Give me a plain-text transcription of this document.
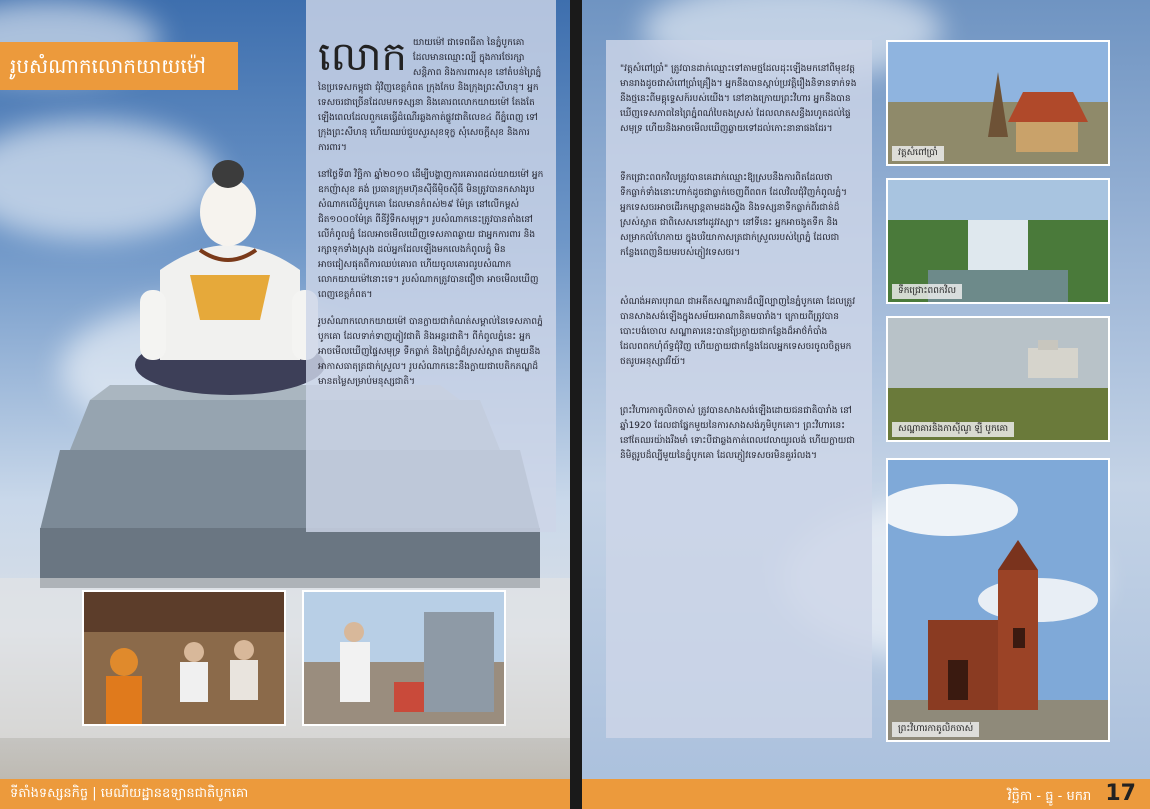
រូបសំណាកលោកយាយម៉ៅ	លោក យាយម៉ៅ ជាទេពធីតា នៃភ្នំបូកគោ ដែលមានឈ្មោះល្បី ក្នុងការថែរក្សាសន្តិភាព និងការពារសុខ នៅតំបន់ព្រៃភ្នំ នៃប្រទេសកម្ពុជា ជុំវិញខេត្តកំពត ក្រុងកែប និងក្រុងព្រះសីហនុ។ អ្នកទេសចរជាច្រើនដែលមកទស្សនា និងគោរពលោកយាយម៉ៅ តែងតែឡើងពេលដែលពួកគេធ្វើដំណើរឆ្លងកាត់ផ្លូវជាតិលេខ៤ ពីភ្នំពេញ ទៅក្រុងព្រះសីហនុ ហើយឈប់ជួបសួរសុខទុក្ខ សុំសេចក្តីសុខ និងការការពារ។

នៅថ្ងៃទី៣ វិច្ឆិកា ឆ្នាំ២០១០ ដើម្បីបង្ហាញការគោរពដល់យាយម៉ៅ អ្នកឧកញ៉ាសុខ គង់ ប្រធានក្រុមហ៊ុនស៊ីធីម៉ិចស៊ីធី មិនត្រូវបានកសាងរូបសំណាកលើភ្នំបូកគោ ដែលមានកំពស់២៩ ម៉ែត្រ នៅលើកម្ពស់ជិត១០០០ម៉ែត្រ ពីនីវ៉ូទឹកសមុទ្រ។ រូបសំណាកនេះត្រូវបានតាំងនៅលើកំពូលភ្នំ ដែលអាចមើលឃើញទេសភាពឆ្ងាយ ជាអ្នកការពារ និងរក្សាទុកទាំងស្រុង ដល់អ្នកដែលឡើងមកលេងកំពូលភ្នំ មិនអាចជៀសផុតពីការឈប់គោរព ហើយចូលគោរពរូបសំណាក លោកយាយម៉ៅនោះទេ។ រូបសំណាកត្រូវបានជឿថា អាចមើលឃើញពេញខេត្តកំពត។

រូបសំណាកលោកយាយម៉ៅ បានក្លាយជាកំណត់សម្គាល់នៃទេសភាពភ្នំបូកគោ ដែលទាក់ទាញភ្ញៀវជាតិ និងអន្តរជាតិ។ ពីកំពូលភ្នំនេះ អ្នកអាចមើលឃើញផ្ទៃសមុទ្រ ទឹកធ្លាក់ និងព្រៃភ្នំដ៏ស្រស់ស្អាត ជាមួយនឹងអាកាសធាតុត្រជាក់ស្រួល។ រូបសំណាកនេះនឹងក្លាយជាបេតិកភណ្ឌដ៏មានតម្លៃសម្រាប់មនុស្សជាតិ។

ទីតាំងទស្សនកិច្ច | មេណីយដ្ឋានឧទ្យានជាតិបូកគោ

"វត្តសំពៅប្រាំ" ត្រូវបានដាក់ឈ្មោះទៅតាមថ្មដែលដុះឡើងមកនៅពីមុខវត្ត មានរាងដូចជាសំពៅប្រាំគ្រឿង។ អ្នកនឹងបានស្តាប់ប្រវត្តិរឿងនិទានទាក់ទងនឹងថ្មនេះពីមគ្គុទ្ទេសក៍របស់យើង។ នៅខាងក្រោយព្រះវិហារ អ្នកនឹងបានឃើញទេសភាពនៃព្រៃភ្នំពណ៌បៃតងស្រស់ ដែលលាតសន្ធឹងរហូតដល់ផ្ទៃសមុទ្រ ហើយនិងអាចមើលឃើញឆ្ងាយទៅដល់កោះនានាផងដែរ។

ទឹកជ្រោះពពកវិលត្រូវបានគេដាក់ឈ្មោះឱ្យស្របនឹងការពិតដែលថាទឹកធ្លាក់ទាំងនោះហាក់ដូចជាធ្លាក់ចេញពីពពក ដែលវិលជុំវិញកំពូលភ្នំ។ អ្នកទេសចរអាចដើរកម្សាន្តតាមដងស្ទឹង និងទស្សនាទឹកធ្លាក់ពីរជាន់ដ៏ស្រស់ស្អាត ជាពិសេសនៅរដូវវស្សា។ នៅទីនេះ អ្នកអាចងូតទឹក និងសម្រាកលំហែកាយ ក្នុងបរិយាកាសត្រជាក់ស្រួលរបស់ព្រៃភ្នំ ដែលជាកន្លែងពេញនិយមរបស់ភ្ញៀវទេសចរ។

សំណង់អគារបុរាណ ជាអតីតសណ្ឋាគារដ៏ល្បីល្បាញនៃភ្នំបូកគោ ដែលត្រូវបានសាងសង់ឡើងក្នុងសម័យអាណានិគមបារាំង។ ក្រោយពីត្រូវបានបោះបង់ចោល សណ្ឋាគារនេះបានប្រែក្លាយជាកន្លែងដ៏អាថ៌កំបាំង ដែលពពកហុំព័ទ្ធជុំវិញ ហើយក្លាយជាកន្លែងដែលអ្នកទេសចរចូលចិត្តមកថតរូបអនុស្សាវរីយ៍។

ព្រះវិហារកាតូលិកចាស់ ត្រូវបានសាងសង់ឡើងដោយជនជាតិបារាំង នៅឆ្នាំ1920 ដែលជាផ្នែកមួយនៃការសាងសង់ភូមិបូកគោ។ ព្រះវិហារនេះនៅតែឈរយ៉ាងរឹងមាំ ទោះបីជាឆ្លងកាត់ពេលវេលាយូរលង់ ហើយក្លាយជានិមិត្តរូបដ៏ល្បីមួយនៃភ្នំបូកគោ ដែលភ្ញៀវទេសចរមិនគួររំលង។

វត្តសំពៅប្រាំ
ទឹកជ្រោះពពកវិល
សណ្ឋាគារនិងកាស៊ីណូ ឡឺ បូកគោ
ព្រះវិហារកាតូលិកចាស់
វិច្ឆិកា - ធ្នូ - មករា 17
